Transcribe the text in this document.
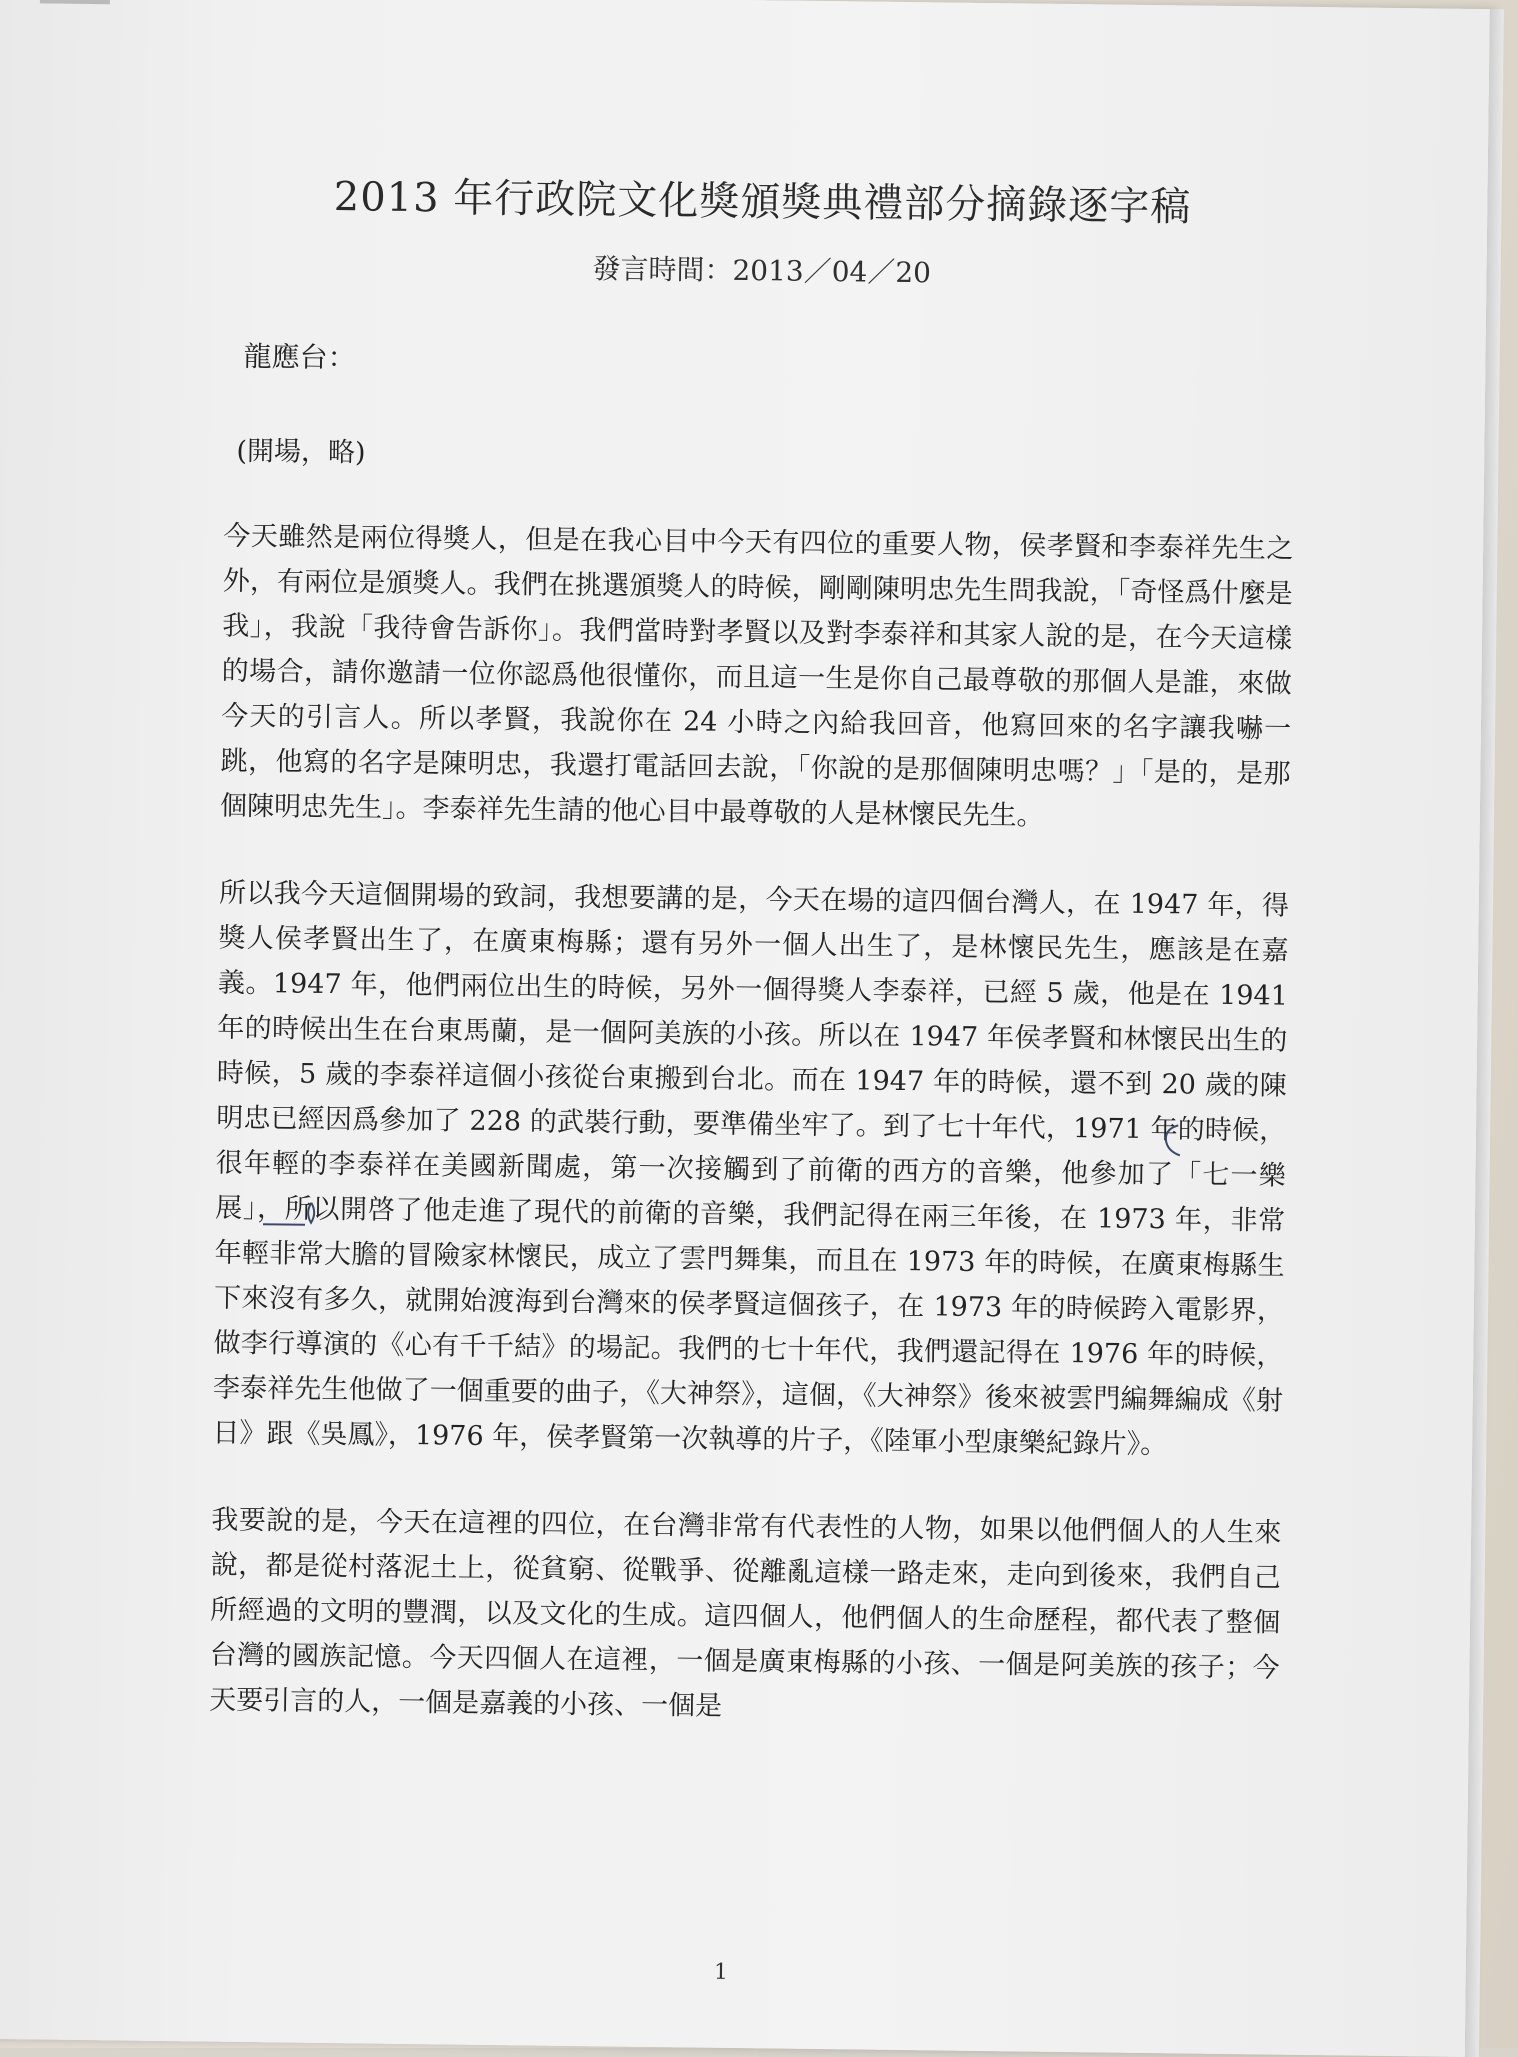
2013 年行政院文化獎頒獎典禮部分摘錄逐字稿
發言時間：2013／04／20
龍應台：
(開場，略)

今天雖然是兩位得獎人，但是在我心目中今天有四位的重要人物，侯孝賢和李泰祥先生之外，有兩位是頒獎人。我們在挑選頒獎人的時候，剛剛陳明忠先生問我說，「奇怪爲什麼是我」，我說「我待會告訴你」。我們當時對孝賢以及對李泰祥和其家人說的是，在今天這樣的場合，請你邀請一位你認爲他很懂你，而且這一生是你自己最尊敬的那個人是誰，來做今天的引言人。所以孝賢，我說你在 24 小時之內給我回音，他寫回來的名字讓我嚇一跳，他寫的名字是陳明忠，我還打電話回去說，「你說的是那個陳明忠嗎？」「是的，是那個陳明忠先生」。李泰祥先生請的他心目中最尊敬的人是林懷民先生。

所以我今天這個開場的致詞，我想要講的是，今天在場的這四個台灣人，在 1947 年，得獎人侯孝賢出生了，在廣東梅縣；還有另外一個人出生了，是林懷民先生，應該是在嘉義。1947 年，他們兩位出生的時候，另外一個得獎人李泰祥，已經 5 歲，他是在 1941 年的時候出生在台東馬蘭，是一個阿美族的小孩。所以在 1947 年侯孝賢和林懷民出生的時候，5 歲的李泰祥這個小孩從台東搬到台北。而在 1947 年的時候，還不到 20 歲的陳明忠已經因爲參加了 228 的武裝行動，要準備坐牢了。到了七十年代，1971 年的時候，很年輕的李泰祥在美國新聞處，第一次接觸到了前衛的西方的音樂，他參加了「七一樂展」，所以開啓了他走進了現代的前衛的音樂，我們記得在兩三年後，在 1973 年，非常年輕非常大膽的冒險家林懷民，成立了雲門舞集，而且在 1973 年的時候，在廣東梅縣生下來沒有多久，就開始渡海到台灣來的侯孝賢這個孩子，在 1973 年的時候跨入電影界，做李行導演的《心有千千結》的場記。我們的七十年代，我們還記得在 1976 年的時候，李泰祥先生他做了一個重要的曲子，《大神祭》，這個，《大神祭》後來被雲門編舞編成《射日》跟《吳鳳》，1976 年，侯孝賢第一次執導的片子，《陸軍小型康樂紀錄片》。

我要說的是，今天在這裡的四位，在台灣非常有代表性的人物，如果以他們個人的人生來說，都是從村落泥土上，從貧窮、從戰爭、從離亂這樣一路走來，走向到後來，我們自己所經過的文明的豐潤，以及文化的生成。這四個人，他們個人的生命歷程，都代表了整個台灣的國族記憶。今天四個人在這裡，一個是廣東梅縣的小孩、一個是阿美族的孩子；今天要引言的人，一個是嘉義的小孩、一個是

1
